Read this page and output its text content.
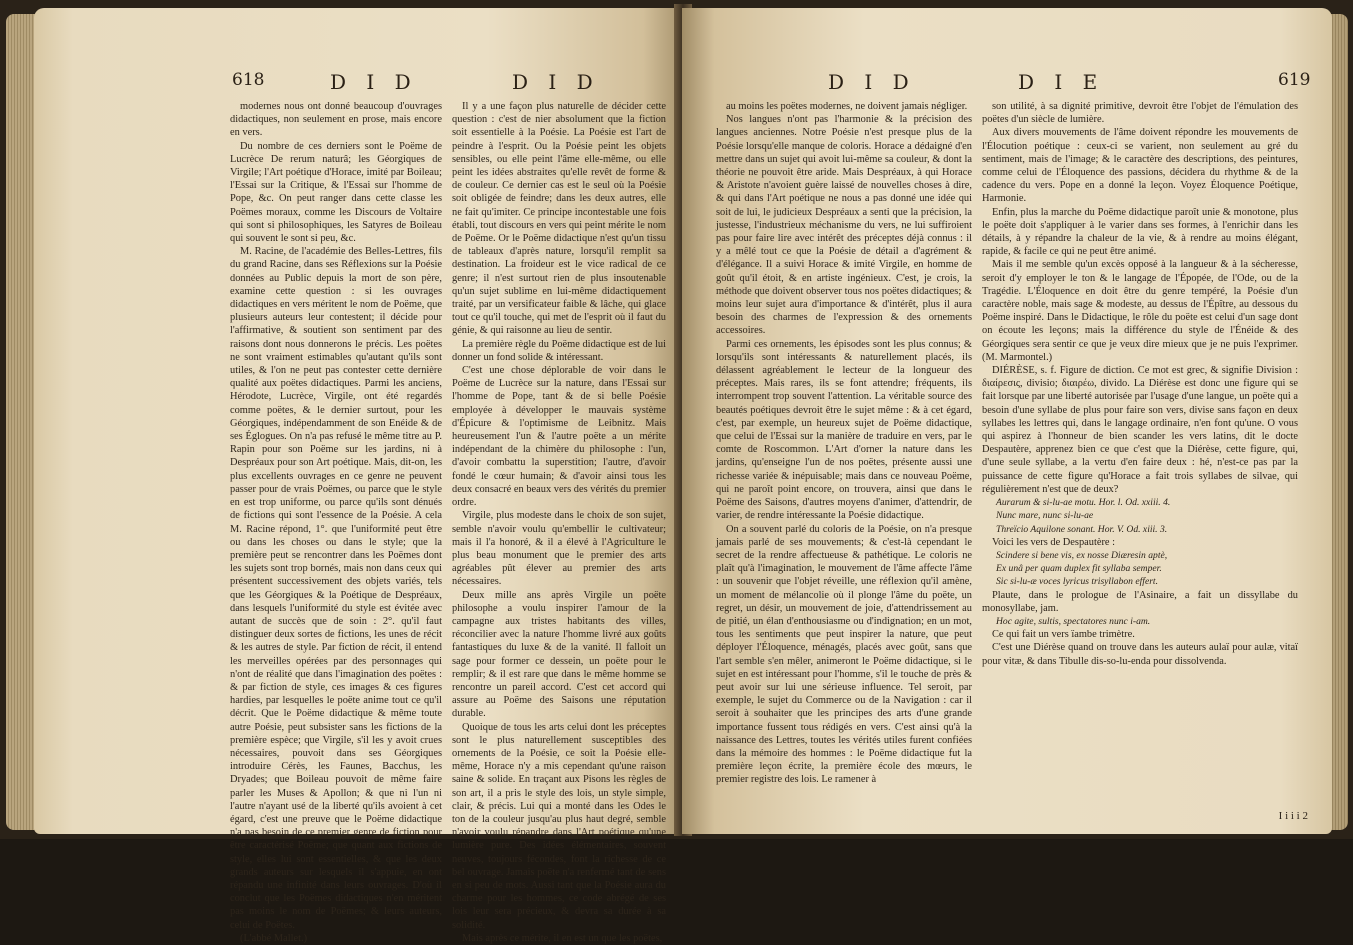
618	D I D	D I D

modernes nous ont donné beaucoup d'ouvrages didactiques, non seulement en prose, mais encore en vers.

Du nombre de ces derniers sont le Poëme de Lucrèce De rerum naturâ; les Géorgiques de Virgile; l'Art poétique d'Horace, imité par Boileau; l'Essai sur la Critique, & l'Essai sur l'homme de Pope, &c. On peut ranger dans cette classe les Poëmes moraux, comme les Discours de Voltaire qui sont si philosophiques, les Satyres de Boileau qui souvent le sont si peu, &c.

M. Racine, de l'académie des Belles-Lettres, fils du grand Racine, dans ses Réflexions sur la Poésie données au Public depuis la mort de son père, examine cette question : si les ouvrages didactiques en vers méritent le nom de Poëme, que plusieurs auteurs leur contestent; il décide pour l'affirmative, & soutient son sentiment par des raisons dont nous donnerons le précis. Les poëtes ne sont vraiment estimables qu'autant qu'ils sont utiles, & l'on ne peut pas contester cette dernière qualité aux poëtes didactiques. Parmi les anciens, Hérodote, Lucrèce, Virgile, ont été regardés comme poëtes, & le dernier surtout, pour les Géorgiques, indépendamment de son Enéide & de ses Églogues. On n'a pas refusé le même titre au P. Rapin pour son Poëme sur les jardins, ni à Despréaux pour son Art poétique. Mais, dit-on, les plus excellents ouvrages en ce genre ne peuvent passer pour de vrais Poëmes, ou parce que le style en est trop uniforme, ou parce qu'ils sont dénués de fictions qui sont l'essence de la Poésie. A cela M. Racine répond, 1°. que l'uniformité peut être ou dans les choses ou dans le style; que la première peut se rencontrer dans les Poëmes dont les sujets sont trop bornés, mais non dans ceux qui présentent successivement des objets variés, tels que les Géorgiques & la Poétique de Despréaux, dans lesquels l'uniformité du style est évitée avec autant de succès que de soin : 2°. qu'il faut distinguer deux sortes de fictions, les unes de récit & les autres de style. Par fiction de récit, il entend les merveilles opérées par des personnages qui n'ont de réalité que dans l'imagination des poëtes : & par fiction de style, ces images & ces figures hardies, par lesquelles le poëte anime tout ce qu'il décrit. Que le Poëme didactique & même toute autre Poésie, peut subsister sans les fictions de la première espèce; que Virgile, s'il les y avoit crues nécessaires, pouvoit dans ses Géorgiques introduire Cérès, les Faunes, Bacchus, les Dryades; que Boileau pouvoit de même faire parler les Muses & Apollon; & que ni l'un ni l'autre n'ayant usé de la liberté qu'ils avoient à cet égard, c'est une preuve que le Poëme didactique n'a pas besoin de ce premier genre de fiction pour être caractérisé Poëme; que quant aux fictions de style, elles lui sont essentielles, & que les deux grands auteurs sur lesquels il s'appuie, en ont répandu une infinité dans leurs ouvrages. D'où il conclut que les Poëmes didactiques n'en méritent pas moins le nom de Poëmes; & leurs auteurs, celui de Poëtes.

(L'abbé Mallet.)

Il y a une façon plus naturelle de décider cette question : c'est de nier absolument que la fiction soit essentielle à la Poésie. La Poésie est l'art de peindre à l'esprit. Ou la Poésie peint les objets sensibles, ou elle peint l'âme elle-même, ou elle peint les idées abstraites qu'elle revêt de forme & de couleur. Ce dernier cas est le seul où la Poésie soit obligée de feindre; dans les deux autres, elle ne fait qu'imiter. Ce principe incontestable une fois établi, tout discours en vers qui peint mérite le nom de Poëme. Or le Poëme didactique n'est qu'un tissu de tableaux d'après nature, lorsqu'il remplit sa destination. La froideur est le vice radical de ce genre; il n'est surtout rien de plus insoutenable qu'un sujet sublime en lui-même didactiquement traité, par un versificateur faible & lâche, qui glace tout ce qu'il touche, qui met de l'esprit où il faut du génie, & qui raisonne au lieu de sentir.

La première règle du Poëme didactique est de lui donner un fond solide & intéressant.

C'est une chose déplorable de voir dans le Poëme de Lucrèce sur la nature, dans l'Essai sur l'homme de Pope, tant & de si belle Poésie employée à développer le mauvais système d'Épicure & l'optimisme de Leibnitz. Mais heureusement l'un & l'autre poëte a un mérite indépendant de la chimère du philosophe : l'un, d'avoir combattu la superstition; l'autre, d'avoir fondé le cœur humain; & d'avoir ainsi tous les deux consacré en beaux vers des vérités du premier ordre.

Virgile, plus modeste dans le choix de son sujet, semble n'avoir voulu qu'embellir le cultivateur; mais il l'a honoré, & il a élevé à l'Agriculture le plus beau monument que le premier des arts agréables pût élever au premier des arts nécessaires.

Deux mille ans après Virgile un poëte philosophe a voulu inspirer l'amour de la campagne aux tristes habitants des villes, réconcilier avec la nature l'homme livré aux goûts fantastiques du luxe & de la vanité. Il falloit un sage pour former ce dessein, un poëte pour le remplir; & il est rare que dans le même homme se rencontre un pareil accord. C'est cet accord qui assure au Poëme des Saisons une réputation durable.

Quoique de tous les arts celui dont les préceptes sont le plus naturellement susceptibles des ornements de la Poésie, ce soit la Poésie elle-même, Horace n'y a mis cependant qu'une raison saine & solide. En traçant aux Pisons les règles de son art, il a pris le style des lois, un style simple, clair, & précis. Lui qui a monté dans les Odes le ton de la couleur jusqu'au plus haut degré, semble n'avoir voulu répandre dans l'Art poétique qu'une lumière pure. Des idées élémentaires, souvent neuves, toujours fécondes, font la richesse de ce bel ouvrage. Jamais poëte n'a renfermé tant de sens en si peu de mots. Aussi tant que la Poésie aura du charme pour les hommes, ce code abrégé de ses lois leur sera précieux, & devra sa durée à sa solidité.

Mais après ce mérite, il en est un que les poëtes,

D I D	D I E	619

au moins les poëtes modernes, ne doivent jamais négliger.

Nos langues n'ont pas l'harmonie & la précision des langues anciennes. Notre Poésie n'est presque plus de la Poésie lorsqu'elle manque de coloris. Horace a dédaigné d'en mettre dans un sujet qui avoit lui-même sa couleur, & dont la théorie ne pouvoit être aride. Mais Despréaux, à qui Horace & Aristote n'avoient guère laissé de nouvelles choses à dire, & qui dans l'Art poétique ne nous a pas donné une idée qui soit de lui, le judicieux Despréaux a senti que la précision, la justesse, l'industrieux méchanisme du vers, ne lui suffiroient pas pour faire lire avec intérêt des préceptes déjà connus : il y a mêlé tout ce que la Poésie de détail a d'agrément & d'élégance. Il a suivi Horace & imité Virgile, en homme de goût qu'il étoit, & en artiste ingénieux. C'est, je crois, la méthode que doivent observer tous nos poëtes didactiques; & moins leur sujet aura d'importance & d'intérêt, plus il aura besoin des charmes de l'expression & des ornements accessoires.

Parmi ces ornements, les épisodes sont les plus connus; & lorsqu'ils sont intéressants & naturellement placés, ils délassent agréablement le lecteur de la longueur des préceptes. Mais rares, ils se font attendre; fréquents, ils interrompent trop souvent l'attention. La véritable source des beautés poétiques devroit être le sujet même : & à cet égard, c'est, par exemple, un heureux sujet de Poëme didactique, que celui de l'Essai sur la manière de traduire en vers, par le comte de Roscommon. L'Art d'orner la nature dans les jardins, qu'enseigne l'un de nos poëtes, présente aussi une richesse variée & inépuisable; mais dans ce nouveau Poëme, qui ne paroît point encore, on trouvera, ainsi que dans le Poëme des Saisons, d'autres moyens d'animer, d'attendrir, de varier, de rendre intéressante la Poésie didactique.

On a souvent parlé du coloris de la Poésie, on n'a presque jamais parlé de ses mouvements; & c'est-là cependant le secret de la rendre affectueuse & pathétique. Le coloris ne plaît qu'à l'imagination, le mouvement de l'âme affecte l'âme : un souvenir que l'objet réveille, une réflexion qu'il amène, un moment de mélancolie où il plonge l'âme du poëte, un regret, un désir, un mouvement de joie, d'attendrissement au de pitié, un élan d'enthousiasme ou d'indignation; en un mot, tous les sentiments que peut inspirer la nature, que peut déployer l'Éloquence, ménagés, placés avec goût, sans que l'art semble s'en mêler, animeront le Poëme didactique, si le sujet en est intéressant pour l'homme, s'il le touche de près & peut avoir sur lui une sérieuse influence. Tel seroit, par exemple, le sujet du Commerce ou de la Navigation : car il seroit à souhaiter que les principes des arts d'une grande importance fussent tous rédigés en vers. C'est ainsi qu'à la naissance des Lettres, toutes les vérités utiles furent confiées dans la mémoire des hommes : le Poëme didactique fut la première leçon écrite, la première école des mœurs, le premier registre des lois. Le ramener à

son utilité, à sa dignité primitive, devroit être l'objet de l'émulation des poëtes d'un siècle de lumière.

Aux divers mouvements de l'âme doivent répondre les mouvements de l'Élocution poétique : ceux-ci se varient, non seulement au gré du sentiment, mais de l'image; & le caractère des descriptions, des peintures, comme celui de l'Éloquence des passions, décidera du rhythme & de la cadence du vers. Pope en a donné la leçon. Voyez Éloquence Poétique, Harmonie.

Enfin, plus la marche du Poëme didactique paroît unie & monotone, plus le poëte doit s'appliquer à le varier dans ses formes, à l'enrichir dans les détails, à y répandre la chaleur de la vie, & à rendre au moins élégant, rapide, & facile ce qui ne peut être animé.

Mais il me semble qu'un excès opposé à la langueur & à la sécheresse, seroit d'y employer le ton & le langage de l'Épopée, de l'Ode, ou de la Tragédie. L'Éloquence en doit être du genre tempéré, la Poésie d'un caractère noble, mais sage & modeste, au dessus de l'Épître, au dessous du Poëme inspiré. Dans le Didactique, le rôle du poëte est celui d'un sage dont on écoute les leçons; mais la différence du style de l'Énéide & des Géorgiques sera sentir ce que je veux dire mieux que je ne puis l'exprimer. (M. Marmontel.)

DIÉRÈSE, s. f. Figure de diction. Ce mot est grec, & signifie Division : διαίρεσις, divisio; διαιρέω, divido. La Diérèse est donc une figure qui se fait lorsque par une liberté autorisée par l'usage d'une langue, un poëte qui a besoin d'une syllabe de plus pour faire son vers, divise sans façon en deux syllabes les lettres qui, dans le langage ordinaire, n'en font qu'une. O vous qui aspirez à l'honneur de bien scander les vers latins, dit le docte Despautère, apprenez bien ce que c'est que la Diérèse, cette figure, qui, d'une seule syllabe, a la vertu d'en faire deux : hé, n'est-ce pas par la puissance de cette figure qu'Horace a fait trois syllabes de silvae, qui régulièrement n'est que de deux?

Aurarum & si-lu-ae motu. Hor. l. Od. xxiii. 4.

Nunc mare, nunc si-lu-ae

Threïcio Aquilone sonant. Hor. V. Od. xiii. 3.

Voici les vers de Despautère :

Scindere si bene vis, ex nosse Diæresin aptè,

Ex unâ per quam duplex fit syllaba semper.

Sic si-lu-æ voces lyricus trisyllabon effert.

Plaute, dans le prologue de l'Asinaire, a fait un dissyllabe du monosyllabe, jam.

Hoc agite, sultis, spectatores nunc i-am.

Ce qui fait un vers ïambe trimètre.

C'est une Diérèse quand on trouve dans les auteurs aulaï pour aulæ, vitaï pour vitæ, & dans Tibulle dis-so-lu-enda pour dissolvenda.

I i i i 2
